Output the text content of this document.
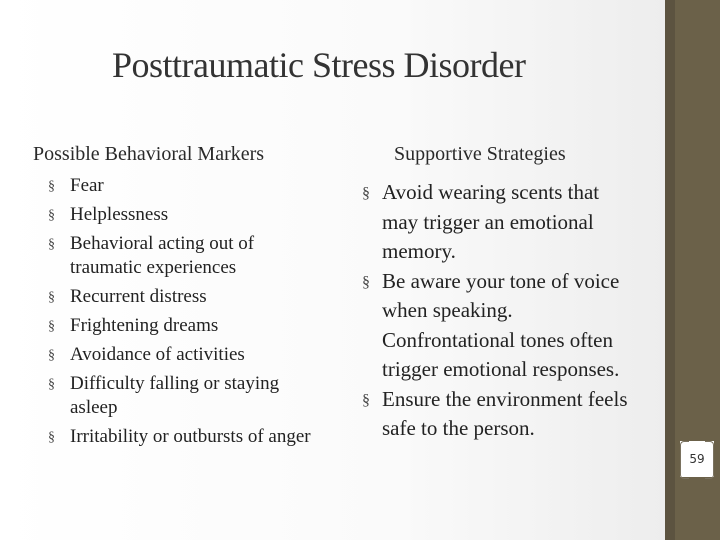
Posttraumatic Stress Disorder
Possible Behavioral Markers	Supportive Strategies
§ Fear
§ Helplessness
§ Behavioral acting out of traumatic experiences
§ Recurrent distress
§ Frightening dreams
§ Avoidance of activities
§ Difficulty falling or staying asleep
§ Irritability or outbursts of anger
§ Avoid wearing scents that may trigger an emotional memory.
§ Be aware your tone of voice when speaking. Confrontational tones often trigger emotional responses.
§ Ensure the environment feels safe to the person.
59
